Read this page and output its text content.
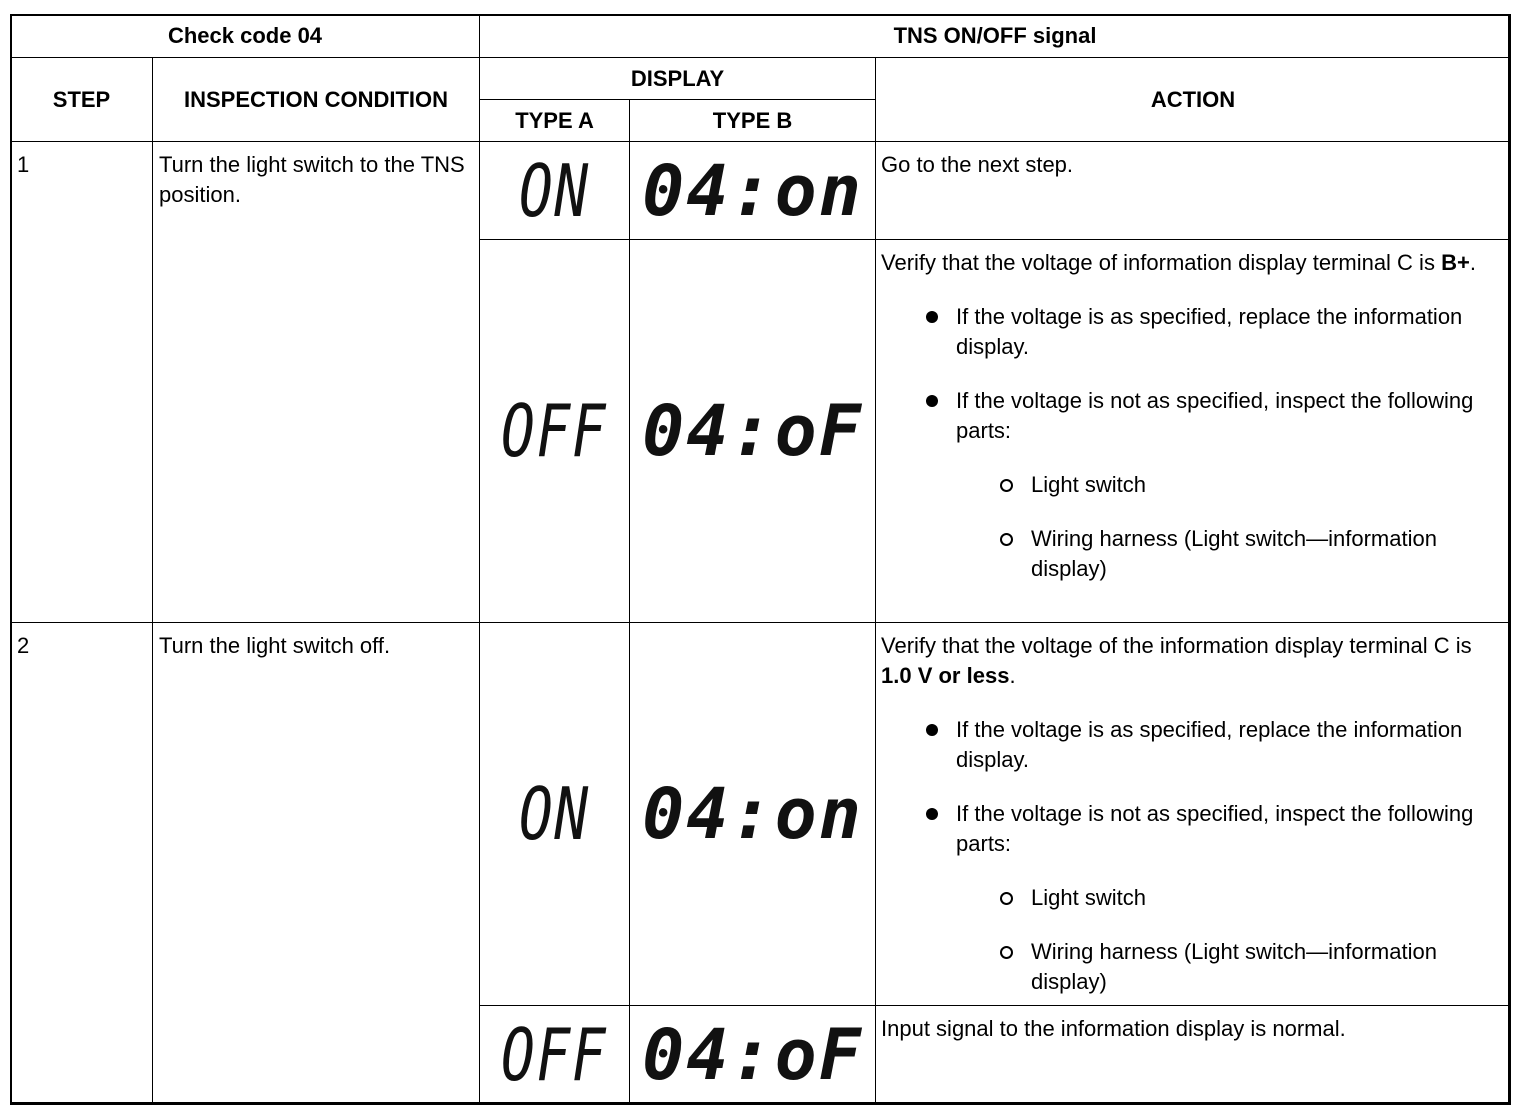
Check code 04		TNS ON/OFF signal		
STEP	INSPECTION CONDITION	DISPLAY		ACTION
		TYPE A	TYPE B	
1	Turn the light switch to the TNS position.	ON	04:on	Go to the next step.

		OFF	04:oF	Verify that the voltage of information display terminal C is B+.
If the voltage is as specified, replace the information display.
If the voltage is not as specified, inspect the following parts:
Light switch
Wiring harness (Light switch—information display)

2	Turn the light switch off.	ON	04:on	Verify that the voltage of the information display terminal C is 1.0 V or less.
If the voltage is as specified, replace the information display.
If the voltage is not as specified, inspect the following parts:
Light switch
Wiring harness (Light switch—information display)

		OFF	04:oF	Input signal to the information display is normal.
